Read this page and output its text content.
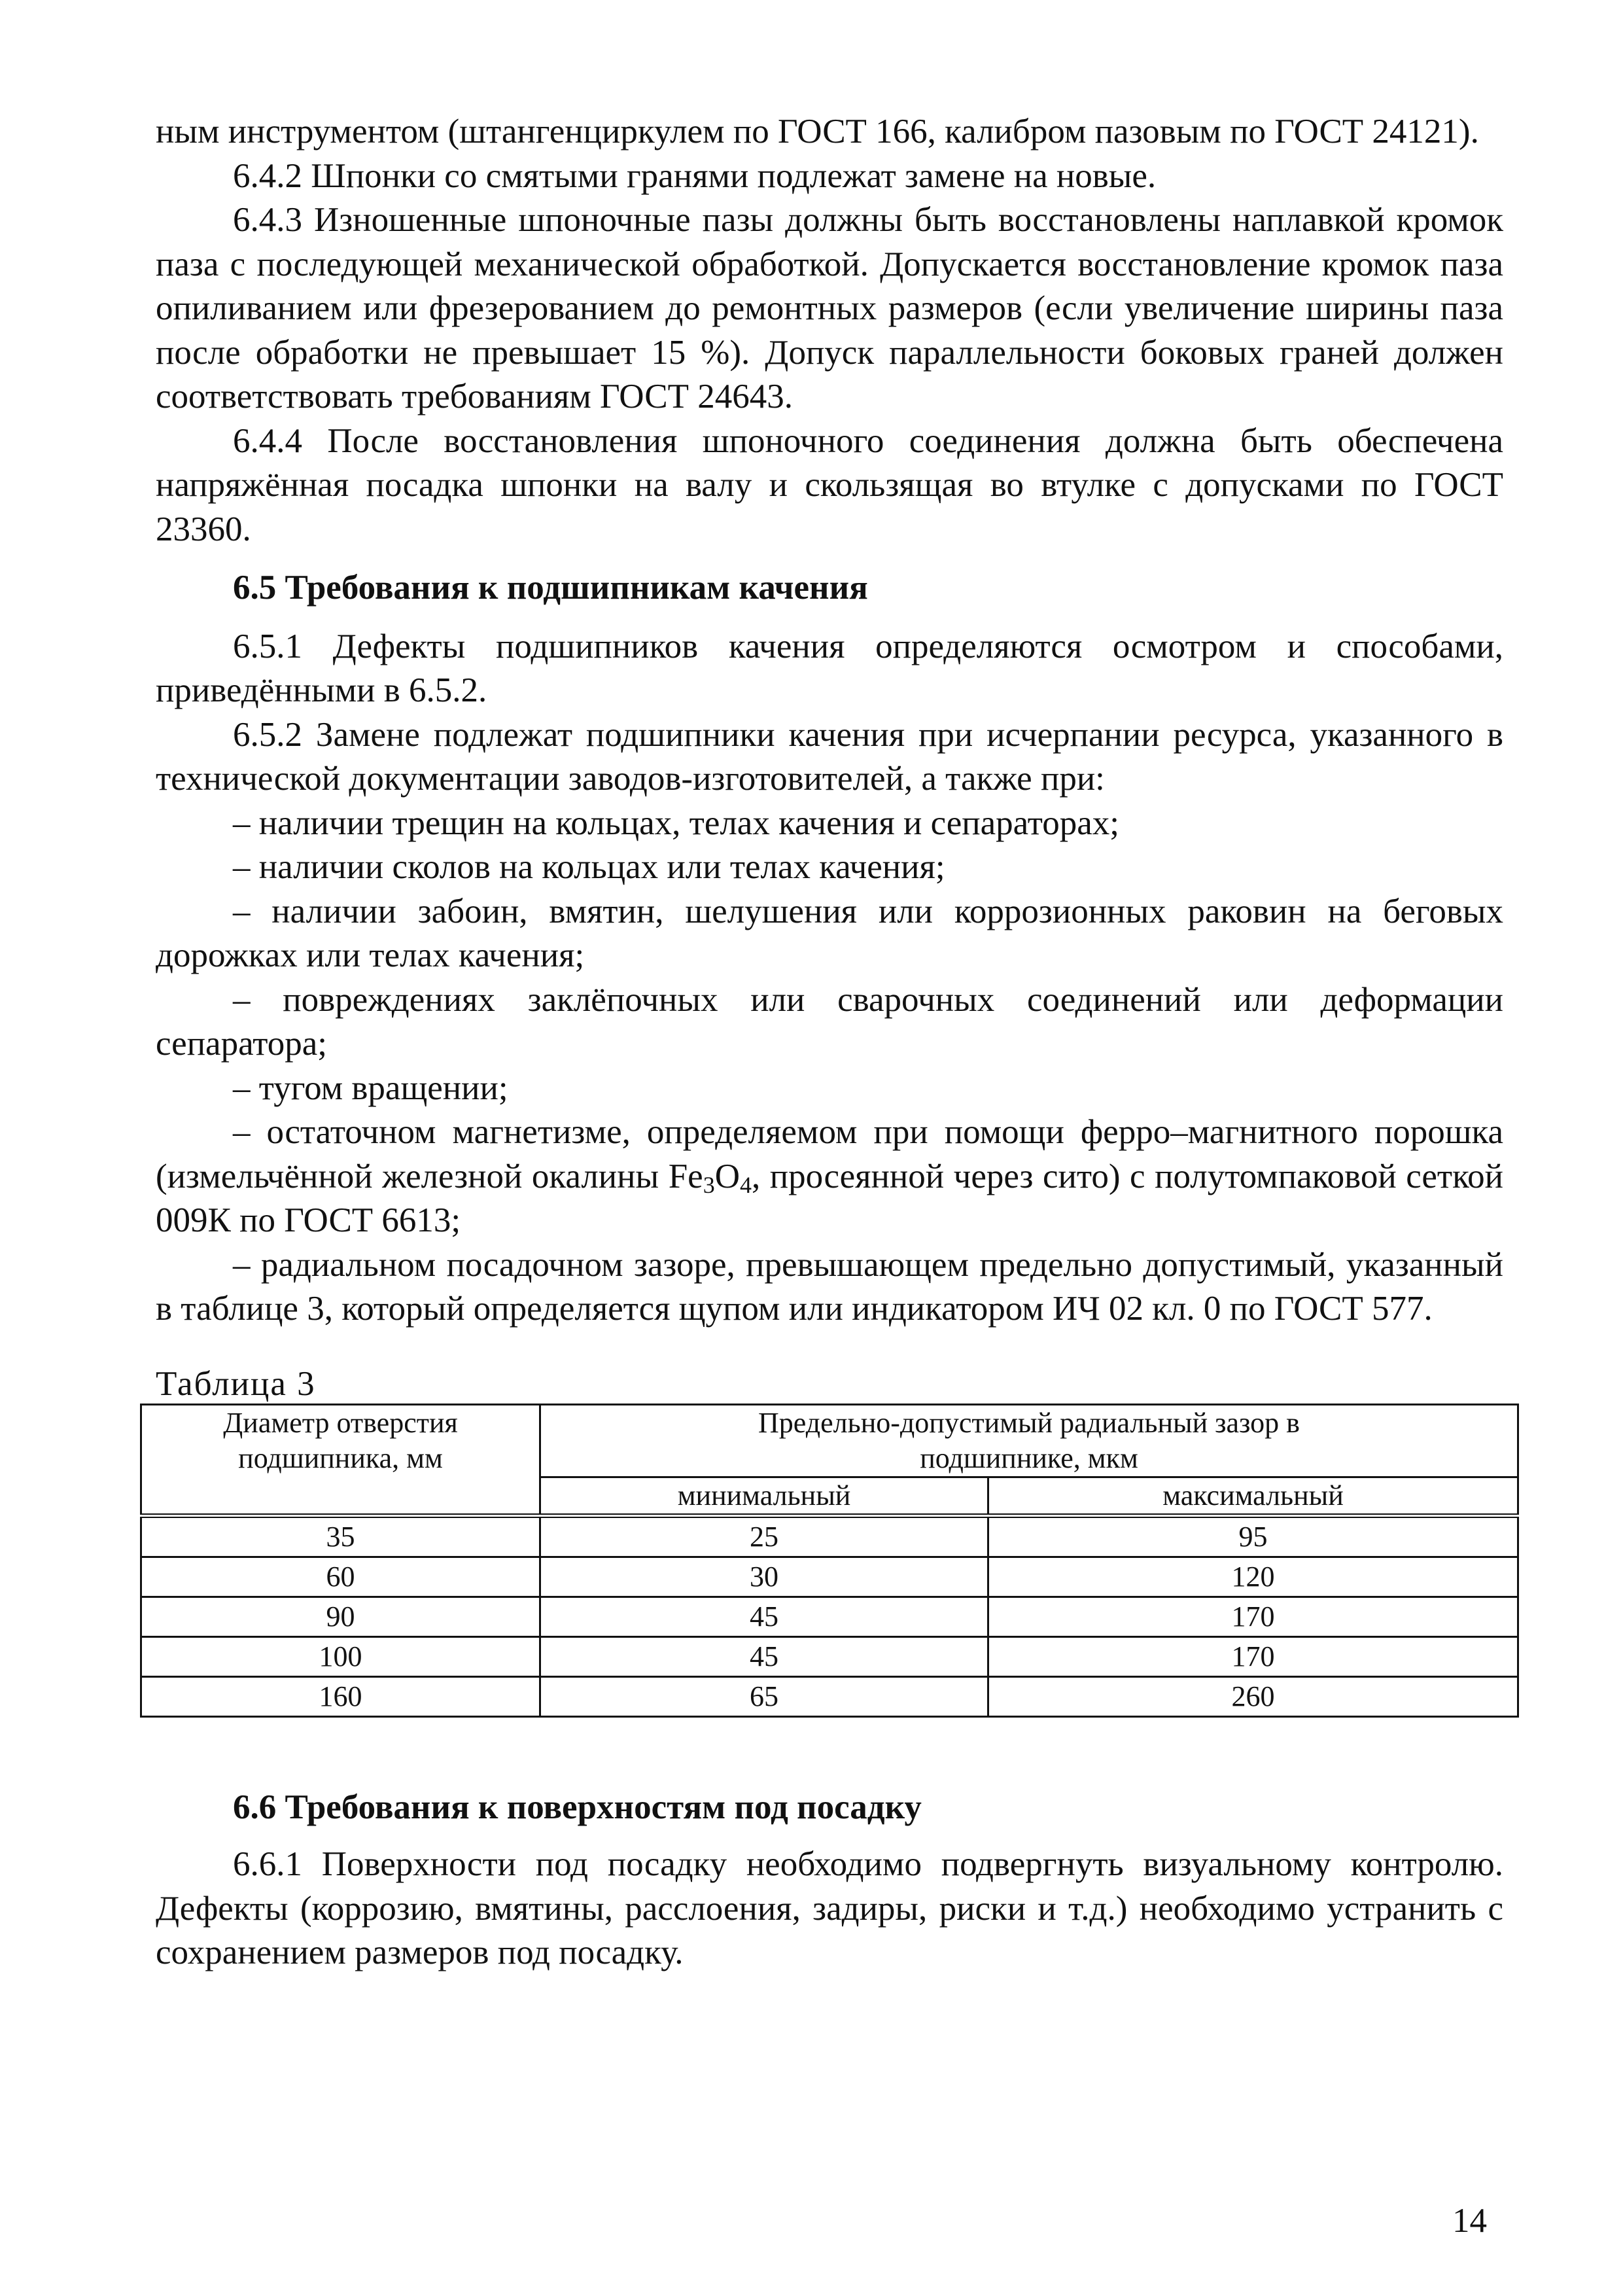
ным инструментом (штангенциркулем по ГОСТ 166, калибром пазовым по ГОСТ 24121).

6.4.2 Шпонки со смятыми гранями подлежат замене на новые.

6.4.3 Изношенные шпоночные пазы должны быть восстановлены наплавкой кромок паза с последующей механической обработкой. Допускается восстановление кромок паза опиливанием или фрезерованием до ремонтных размеров (если увеличение ширины паза после обработки не превышает 15 %). Допуск параллельности боковых граней должен соответствовать требованиям ГОСТ 24643.

6.4.4 После восстановления шпоночного соединения должна быть обеспечена напряжённая посадка шпонки на валу и скользящая во втулке с допусками по ГОСТ 23360.

6.5 Требования к подшипникам качения

6.5.1 Дефекты подшипников качения определяются осмотром и способами, приведёнными в 6.5.2.

6.5.2 Замене подлежат подшипники качения при исчерпании ресурса, указанного в технической документации заводов-изготовителей, а также при:

– наличии трещин на кольцах, телах качения и сепараторах;

– наличии сколов на кольцах или телах качения;

– наличии забоин, вмятин, шелушения или коррозионных раковин на беговых дорожках или телах качения;

– повреждениях заклёпочных или сварочных соединений или деформации сепаратора;

– тугом вращении;

– остаточном магнетизме, определяемом при помощи ферро–магнитного порошка (измельчённой железной окалины $Fe_3O_4$, просеянной через сито) с полутомпаковой сеткой 009К по ГОСТ 6613;

– радиальном посадочном зазоре, превышающем предельно допустимый, указанный в таблице 3, который определяется щупом или индикатором ИЧ 02 кл. 0 по ГОСТ 577.

Таблица 3
Диаметр отверстия подшипника, мм	Предельно-допустимый радиальный зазор в подшипнике, мкм	
	минимальный	максимальный
35	25	95
60	30	120
90	45	170
100	45	170
160	65	260
6.6 Требования к поверхностям под посадку

6.6.1 Поверхности под посадку необходимо подвергнуть визуальному контролю. Дефекты (коррозию, вмятины, расслоения, задиры, риски и т.д.) необходимо устранить с сохранением размеров под посадку.

14
